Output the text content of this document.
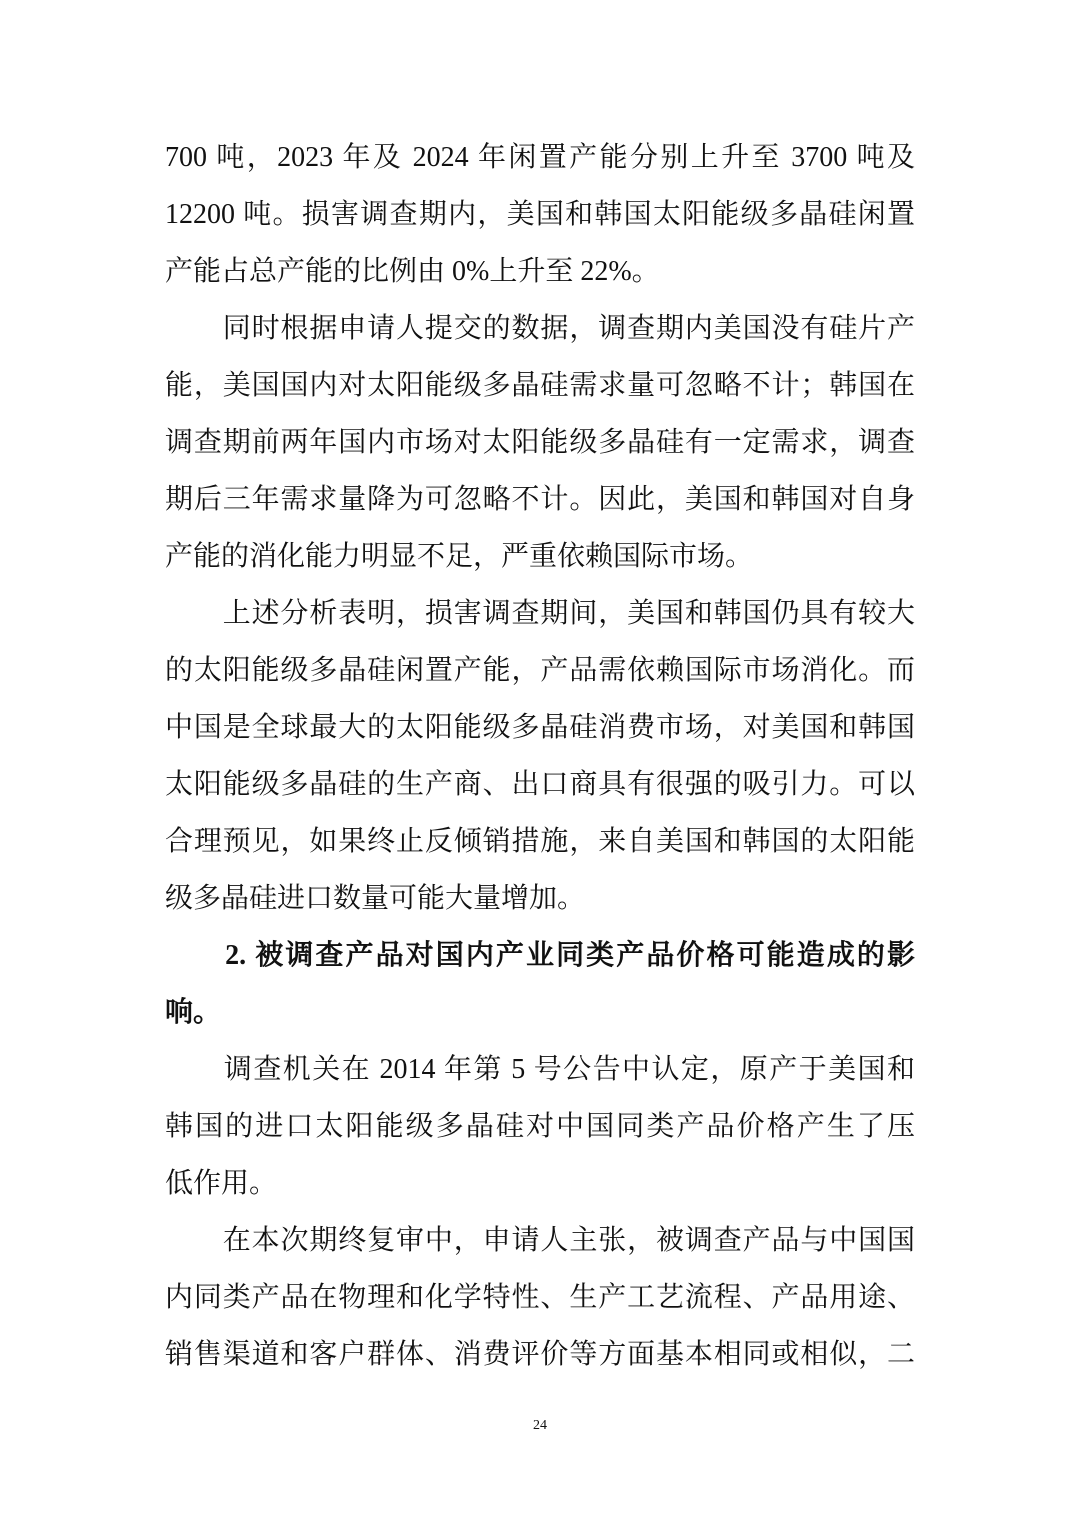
700 吨，2023 年及 2024 年闲置产能分别上升至 3700 吨及
12200 吨。损害调查期内，美国和韩国太阳能级多晶硅闲置
产能占总产能的比例由 0%上升至 22%。
　　同时根据申请人提交的数据，调查期内美国没有硅片产
能，美国国内对太阳能级多晶硅需求量可忽略不计；韩国在
调查期前两年国内市场对太阳能级多晶硅有一定需求，调查
期后三年需求量降为可忽略不计。因此，美国和韩国对自身
产能的消化能力明显不足，严重依赖国际市场。
　　上述分析表明，损害调查期间，美国和韩国仍具有较大
的太阳能级多晶硅闲置产能，产品需依赖国际市场消化。而
中国是全球最大的太阳能级多晶硅消费市场，对美国和韩国
太阳能级多晶硅的生产商、出口商具有很强的吸引力。可以
合理预见，如果终止反倾销措施，来自美国和韩国的太阳能
级多晶硅进口数量可能大量增加。
　　2. 被调查产品对国内产业同类产品价格可能造成的影
响。
　　调查机关在 2014 年第 5 号公告中认定，原产于美国和
韩国的进口太阳能级多晶硅对中国同类产品价格产生了压
低作用。
　　在本次期终复审中，申请人主张，被调查产品与中国国
内同类产品在物理和化学特性、生产工艺流程、产品用途、
销售渠道和客户群体、消费评价等方面基本相同或相似，二
24
